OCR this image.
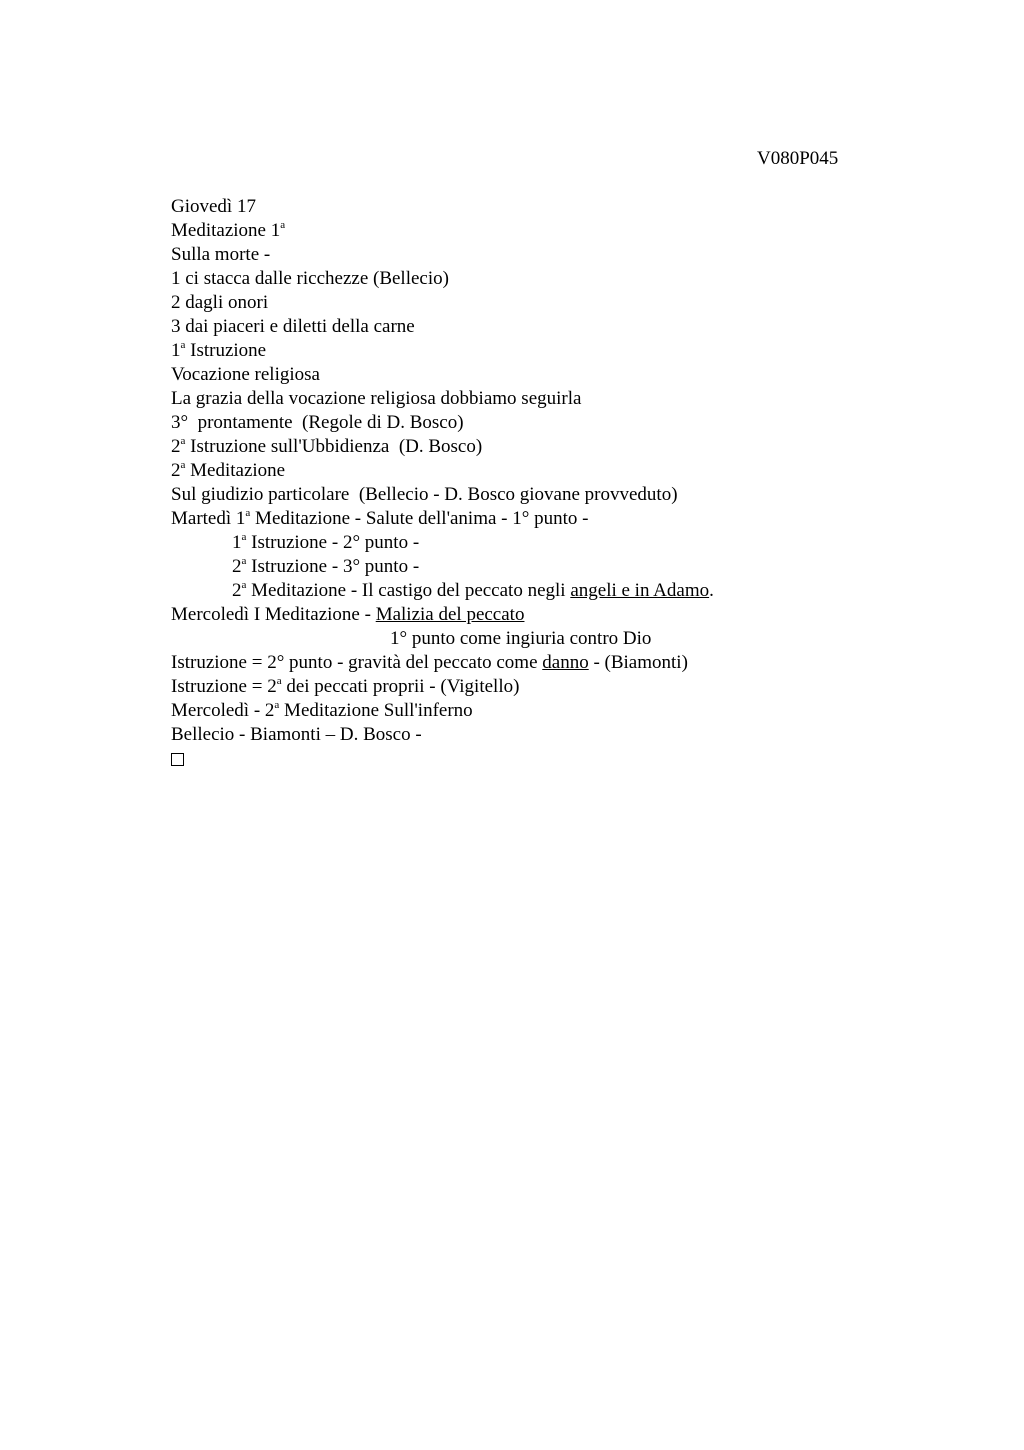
V080P045
Giovedì 17
Meditazione 1$^a$
Sulla morte -
1 ci stacca dalle ricchezze (Bellecio)
2 dagli onori
3 dai piaceri e diletti della carne
1$^a$ Istruzione
Vocazione religiosa
La grazia della vocazione religiosa dobbiamo seguirla
3°  prontamente  (Regole di D. Bosco)
2$^a$ Istruzione sull'Ubbidienza  (D. Bosco)
2$^a$ Meditazione
Sul giudizio particolare  (Bellecio - D. Bosco giovane provveduto)
Martedì 1$^a$ Meditazione - Salute dell'anima - 1° punto -
1$^a$ Istruzione - 2° punto -
2$^a$ Istruzione - 3° punto -
2$^a$ Meditazione - Il castigo del peccato negli angeli e in Adamo.
Mercoledì I Meditazione - Malizia del peccato
1° punto come ingiuria contro Dio
Istruzione = 2° punto - gravità del peccato come danno - (Biamonti)
Istruzione = $2^a$ dei peccati proprii - (Vigitello)
Mercoledì - 2$^a$ Meditazione Sull'inferno
Bellecio - Biamonti – D. Bosco -
